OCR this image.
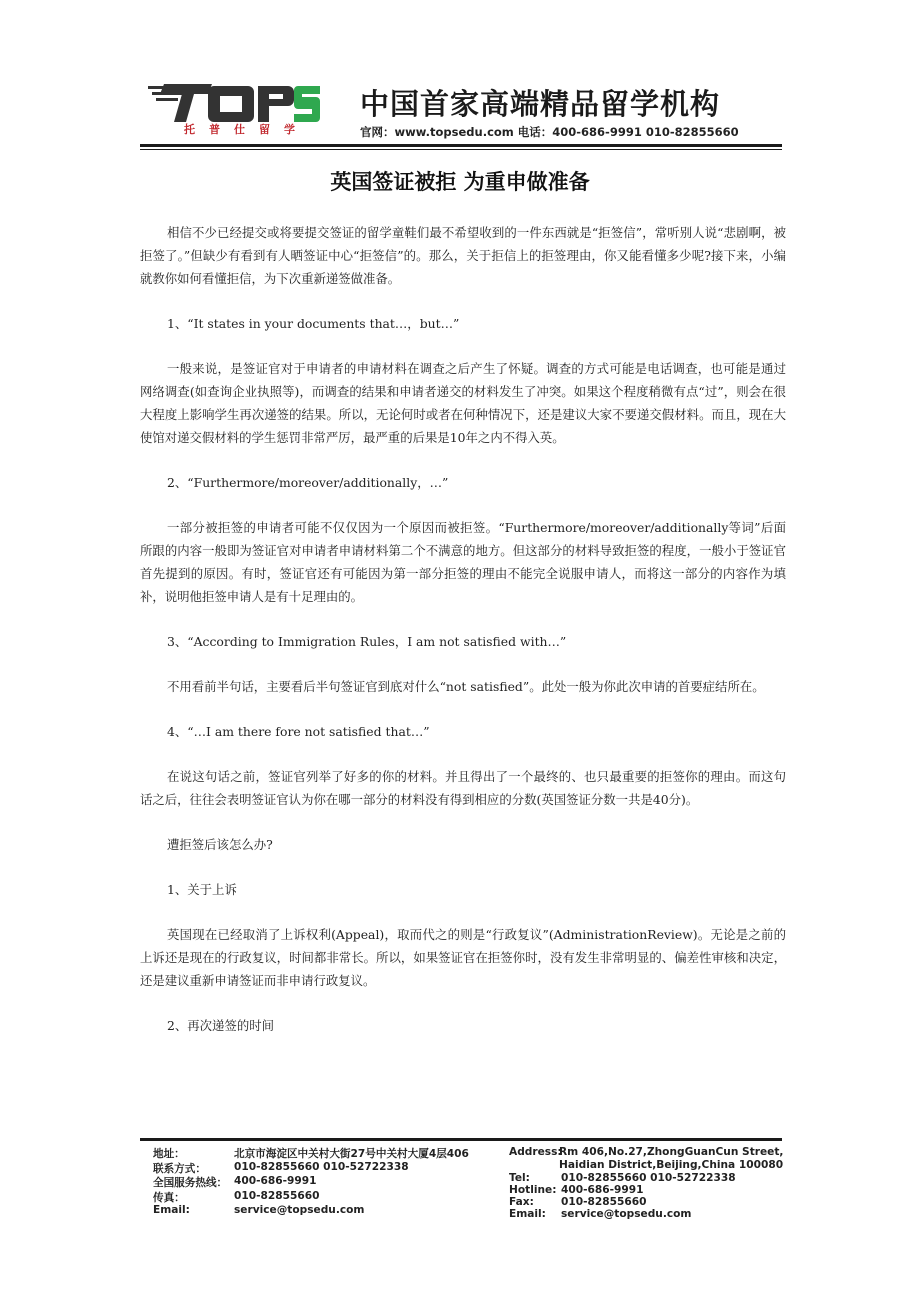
托普仕留学
中国首家高端精品留学机构
官网：www.topsedu.com 电话：400-686-9991 010-82855660
英国签证被拒 为重申做准备

相信不少已经提交或将要提交签证的留学童鞋们最不希望收到的一件东西就是“拒签信”，常听别人说“悲剧啊，被拒签了。”但缺少有看到有人晒签证中心“拒签信”的。那么，关于拒信上的拒签理由，你又能看懂多少呢?接下来，小编就教你如何看懂拒信，为下次重新递签做准备。

1、“It states in your documents that…，but…”

一般来说，是签证官对于申请者的申请材料在调查之后产生了怀疑。调查的方式可能是电话调查，也可能是通过网络调查(如查询企业执照等)，而调查的结果和申请者递交的材料发生了冲突。如果这个程度稍微有点“过”，则会在很大程度上影响学生再次递签的结果。所以，无论何时或者在何种情况下，还是建议大家不要递交假材料。而且，现在大使馆对递交假材料的学生惩罚非常严厉，最严重的后果是10年之内不得入英。

2、“Furthermore/moreover/additionally，…”

一部分被拒签的申请者可能不仅仅因为一个原因而被拒签。“Furthermore/moreover/additionally等词”后面所跟的内容一般即为签证官对申请者申请材料第二个不满意的地方。但这部分的材料导致拒签的程度，一般小于签证官首先提到的原因。有时，签证官还有可能因为第一部分拒签的理由不能完全说服申请人，而将这一部分的内容作为填补，说明他拒签申请人是有十足理由的。

3、“According to Immigration Rules，I am not satisfied with…”

不用看前半句话，主要看后半句签证官到底对什么“not satisfied”。此处一般为你此次申请的首要症结所在。

4、“…I am there fore not satisfied that…”

在说这句话之前，签证官列举了好多的你的材料。并且得出了一个最终的、也只最重要的拒签你的理由。而这句话之后，往往会表明签证官认为你在哪一部分的材料没有得到相应的分数(英国签证分数一共是40分)。

遭拒签后该怎么办?

1、关于上诉

英国现在已经取消了上诉权利(Appeal)，取而代之的则是“行政复议”(AdministrationReview)。无论是之前的上诉还是现在的行政复议，时间都非常长。所以，如果签证官在拒签你时，没有发生非常明显的、偏差性审核和决定，还是建议重新申请签证而非申请行政复议。

2、再次递签的时间

地址：	北京市海淀区中关村大街27号中关村大厦4层406
联系方式：	010-82855660 010-52722338
全国服务热线： 400-686-9991
传真：	010-82855660
Email:	service@topsedu.com
Address:
Rm 406,No.27,ZhongGuanCun Street,
Haidian District,Beijing,China 100080
Tel:	010-82855660 010-52722338
Hotline: 400-686-9991
Fax:	010-82855660
Email: service@topsedu.com
